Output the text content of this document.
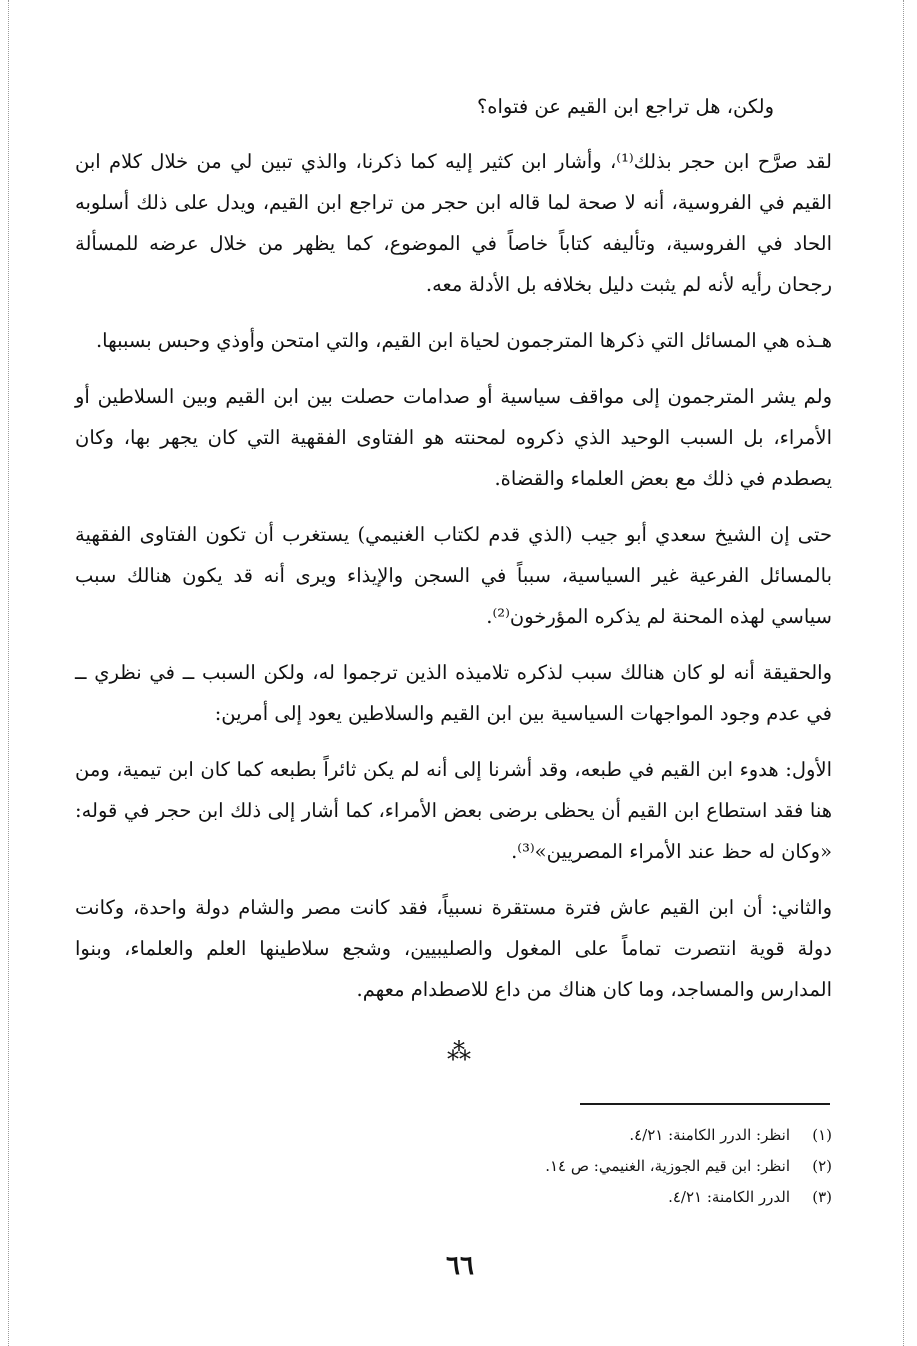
ولكن، هل تراجع ابن القيم عن فتواه؟

لقد صرَّح ابن حجر بذلك⁽¹⁾، وأشار ابن كثير إليه كما ذكرنا، والذي تبين لي من خلال كلام ابن القيم في الفروسية، أنه لا صحة لما قاله ابن حجر من تراجع ابن القيم، ويدل على ذلك أسلوبه الحاد في الفروسية، وتأليفه كتاباً خاصاً في الموضوع، كما يظهر من خلال عرضه للمسألة رجحان رأيه لأنه لم يثبت دليل بخلافه بل الأدلة معه.

هـذه هي المسائل التي ذكرها المترجمون لحياة ابن القيم، والتي امتحن وأوذي وحبس بسببها.

ولم يشر المترجمون إلى مواقف سياسية أو صدامات حصلت بين ابن القيم وبين السلاطين أو الأمراء، بل السبب الوحيد الذي ذكروه لمحنته هو الفتاوى الفقهية التي كان يجهر بها، وكان يصطدم في ذلك مع بعض العلماء والقضاة.

حتى إن الشيخ سعدي أبو جيب (الذي قدم لكتاب الغنيمي) يستغرب أن تكون الفتاوى الفقهية بالمسائل الفرعية غير السياسية، سبباً في السجن والإيذاء ويرى أنه قد يكون هنالك سبب سياسي لهذه المحنة لم يذكره المؤرخون⁽²⁾.

والحقيقة أنه لو كان هنالك سبب لذكره تلاميذه الذين ترجموا له، ولكن السبب ــ في نظري ــ في عدم وجود المواجهات السياسية بين ابن القيم والسلاطين يعود إلى أمرين:

الأول: هدوء ابن القيم في طبعه، وقد أشرنا إلى أنه لم يكن ثائراً بطبعه كما كان ابن تيمية، ومن هنا فقد استطاع ابن القيم أن يحظى برضى بعض الأمراء، كما أشار إلى ذلك ابن حجر في قوله: «وكان له حظ عند الأمراء المصريين»⁽³⁾.

والثاني: أن ابن القيم عاش فترة مستقرة نسبياً، فقد كانت مصر والشام دولة واحدة، وكانت دولة قوية انتصرت تماماً على المغول والصليبيين، وشجع سلاطينها العلم والعلماء، وبنوا المدارس والمساجد، وما كان هناك من داع للاصطدام معهم.

⁂
(١)
انظر: الدرر الكامنة: ٤/٢١.
(٢)
انظر: ابن قيم الجوزية، الغنيمي: ص ١٤.
(٣)
الدرر الكامنة: ٤/٢١.
٦٦
